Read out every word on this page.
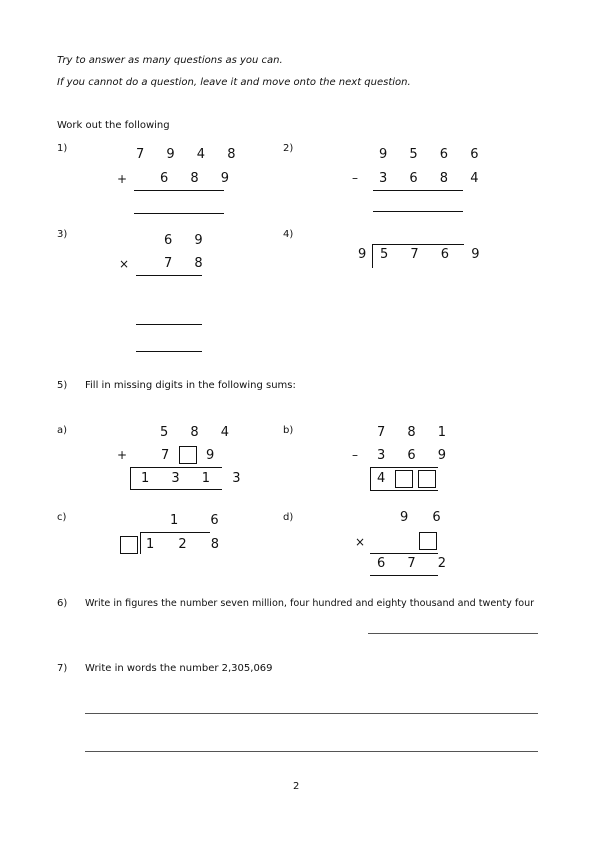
Try to answer as many questions as you can.
If you cannot do a question, leave it and move onto the next question.
Work out the following
1)	7 9 4 8
+	6 8 9
2)	9 5 6 6
– 3 6 8 4
3)	6 9
×	7 8
4)
9 5 7 6 9
5) Fill in missing digits in the following sums:
a)	5 8 4
+	7	9
1 3 1 3
b)	7 8 1
– 3 6 9
4
c)	1 6
1 2 8
d)	9 6
×
6 7 2
6) Write in figures the number seven million, four hundred and eighty thousand and twenty four
7) Write in words the number 2,305,069
2
